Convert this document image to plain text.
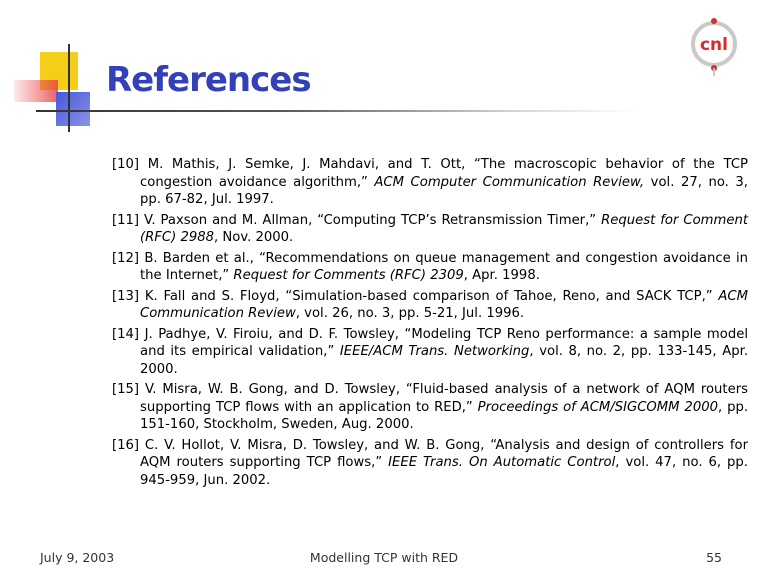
References
cnl

[10] M. Mathis, J. Semke, J. Mahdavi, and T. Ott, “The macroscopic behavior of the TCP congestion avoidance algorithm,” ACM Computer Communication Review, vol. 27, no. 3, pp. 67-82, Jul. 1997.

[11] V. Paxson and M. Allman, “Computing TCP’s Retransmission Timer,” Request for Comment (RFC) 2988, Nov. 2000.

[12] B. Barden et al., “Recommendations on queue management and congestion avoidance in the Internet,” Request for Comments (RFC) 2309, Apr. 1998.

[13] K. Fall and S. Floyd, “Simulation-based comparison of Tahoe, Reno, and SACK TCP,” ACM Communication Review, vol. 26, no. 3, pp. 5-21, Jul. 1996.

[14] J. Padhye, V. Firoiu, and D. F. Towsley, “Modeling TCP Reno performance: a sample model and its empirical validation,” IEEE/ACM Trans. Networking, vol. 8, no. 2, pp. 133-145, Apr. 2000.

[15] V. Misra, W. B. Gong, and D. Towsley, “Fluid-based analysis of a network of AQM routers supporting TCP flows with an application to RED,” Proceedings of ACM/SIGCOMM 2000, pp. 151-160, Stockholm, Sweden, Aug. 2000.

[16] C. V. Hollot, V. Misra, D. Towsley, and W. B. Gong, “Analysis and design of controllers for AQM routers supporting TCP flows,” IEEE Trans. On Automatic Control, vol. 47, no. 6, pp. 945-959, Jun. 2002.

July 9, 2003	Modelling TCP with RED	55
